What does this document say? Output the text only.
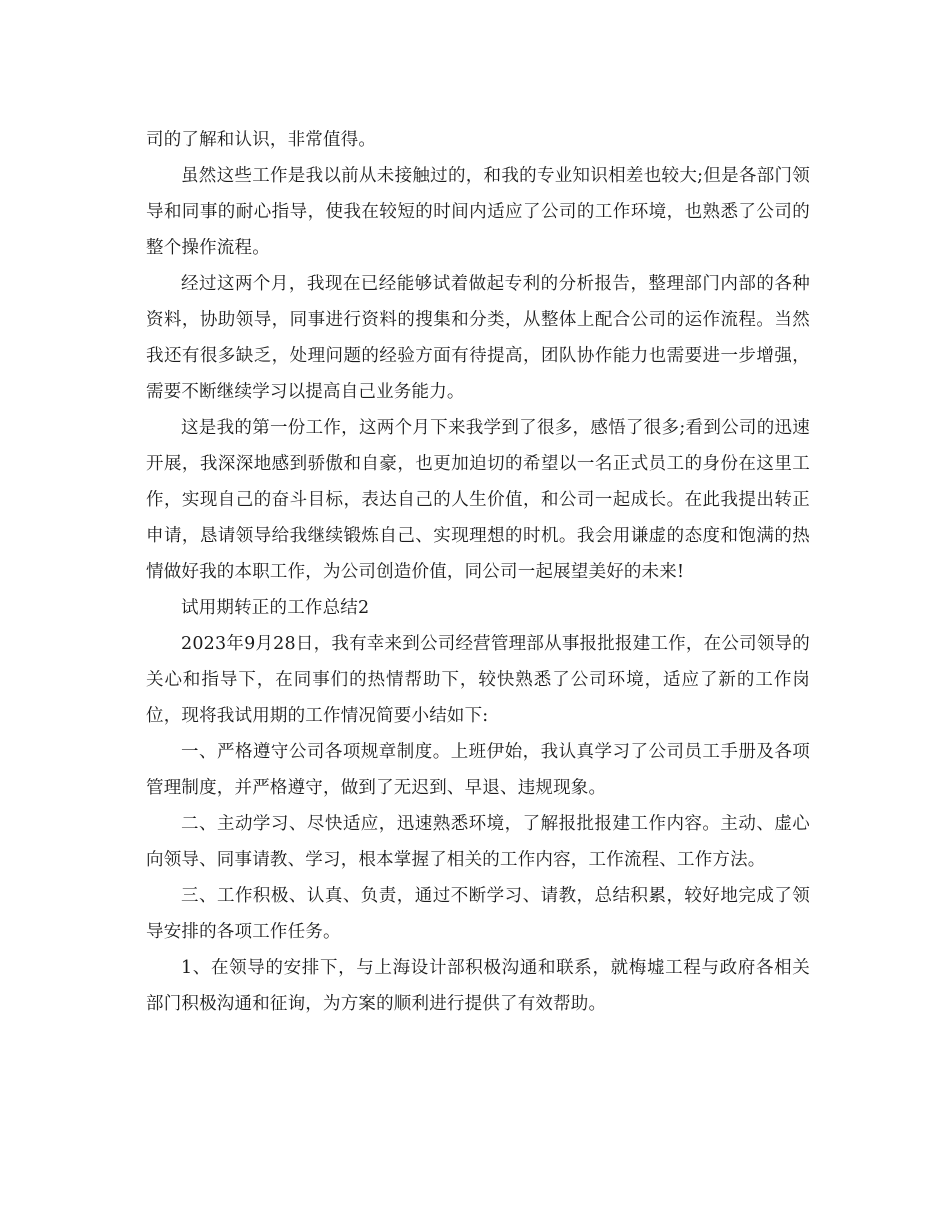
司的了解和认识，非常值得。

虽然这些工作是我以前从未接触过的，和我的专业知识相差也较大;但是各部门领导和同事的耐心指导，使我在较短的时间内适应了公司的工作环境，也熟悉了公司的整个操作流程。

经过这两个月，我现在已经能够试着做起专利的分析报告，整理部门内部的各种资料，协助领导，同事进行资料的搜集和分类，从整体上配合公司的运作流程。当然我还有很多缺乏，处理问题的经验方面有待提高，团队协作能力也需要进一步增强，需要不断继续学习以提高自己业务能力。

这是我的第一份工作，这两个月下来我学到了很多，感悟了很多;看到公司的迅速开展，我深深地感到骄傲和自豪，也更加迫切的希望以一名正式员工的身份在这里工作，实现自己的奋斗目标，表达自己的人生价值，和公司一起成长。在此我提出转正申请，恳请领导给我继续锻炼自己、实现理想的时机。我会用谦虚的态度和饱满的热情做好我的本职工作，为公司创造价值，同公司一起展望美好的未来!

试用期转正的工作总结2

2023年9月28日，我有幸来到公司经营管理部从事报批报建工作，在公司领导的关心和指导下，在同事们的热情帮助下，较快熟悉了公司环境，适应了新的工作岗位，现将我试用期的工作情况简要小结如下:

一、严格遵守公司各项规章制度。上班伊始，我认真学习了公司员工手册及各项管理制度，并严格遵守，做到了无迟到、早退、违规现象。

二、主动学习、尽快适应，迅速熟悉环境，了解报批报建工作内容。主动、虚心向领导、同事请教、学习，根本掌握了相关的工作内容，工作流程、工作方法。

三、工作积极、认真、负责，通过不断学习、请教，总结积累，较好地完成了领导安排的各项工作任务。

1、在领导的安排下，与上海设计部积极沟通和联系，就梅墟工程与政府各相关部门积极沟通和征询，为方案的顺利进行提供了有效帮助。
